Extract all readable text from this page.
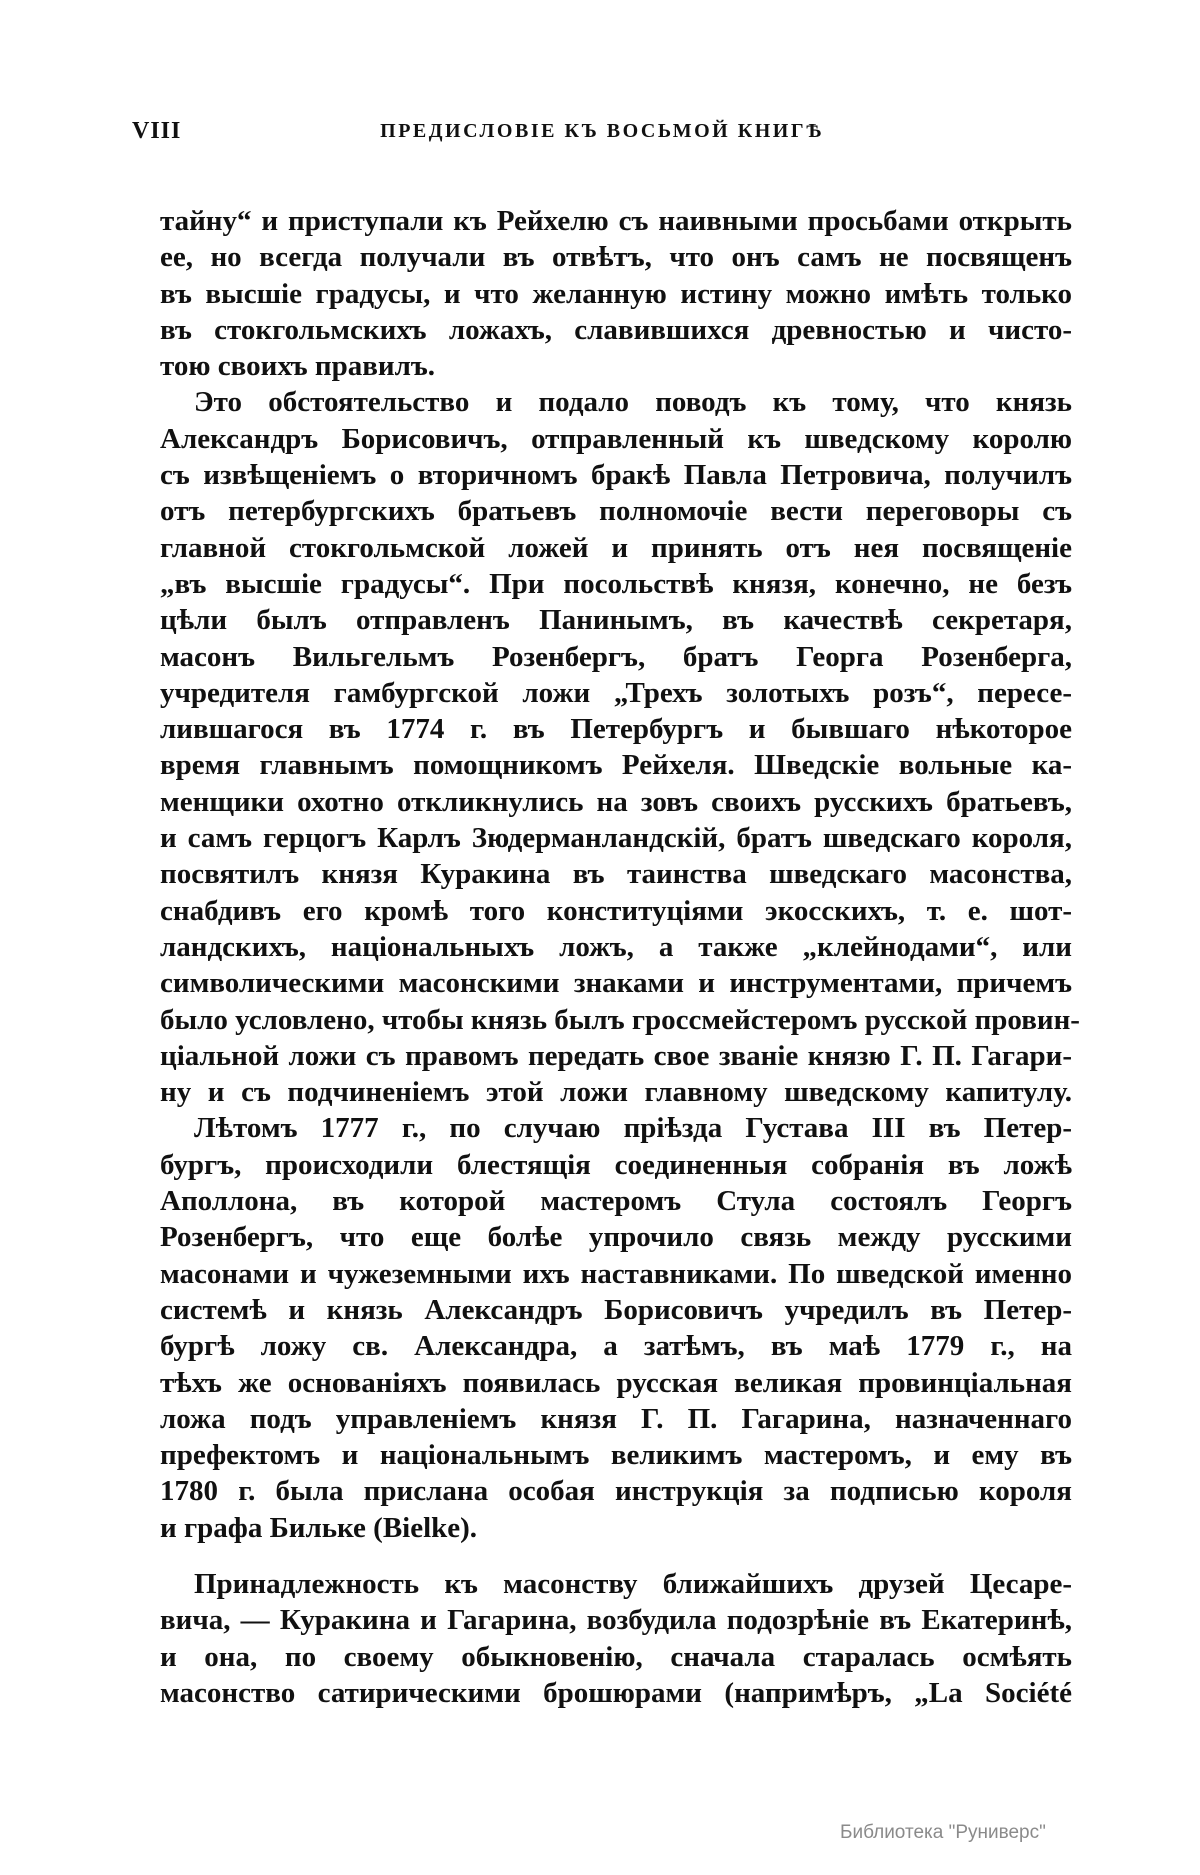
VIII	ПРЕДИСЛОВІЕ КЪ ВОСЬМОЙ КНИГѢ
тайну“ и приступали къ Рейхелю съ наивными просьбами открыть
ее, но всегда получали въ отвѣтъ, что онъ самъ не посвященъ
въ высшіе градусы, и что желанную истину можно имѣть только
въ стокгольмскихъ ложахъ, славившихся древностью и чисто-
тою своихъ правилъ.
Это обстоятельство и подало поводъ къ тому, что князь
Александръ Борисовичъ, отправленный къ шведскому королю
съ извѣщеніемъ о вторичномъ бракѣ Павла Петровича, получилъ
отъ петербургскихъ братьевъ полномочіе вести переговоры съ
главной стокгольмской ложей и принять отъ нея посвященіе
„въ высшіе градусы“. При посольствѣ князя, конечно, не безъ
цѣли былъ отправленъ Панинымъ, въ качествѣ секретаря,
масонъ Вильгельмъ Розенбергъ, братъ Георга Розенберга,
учредителя гамбургской ложи „Трехъ золотыхъ розъ“, пересе-
лившагося въ 1774 г. въ Петербургъ и бывшаго нѣкоторое
время главнымъ помощникомъ Рейхеля. Шведскіе вольные ка-
менщики охотно откликнулись на зовъ своихъ русскихъ братьевъ,
и самъ герцогъ Карлъ Зюдерманландскій, братъ шведскаго короля,
посвятилъ князя Куракина въ таинства шведскаго масонства,
снабдивъ его кромѣ того конституціями экосскихъ, т. е. шот-
ландскихъ, національныхъ ложъ, а также „клейнодами“, или
символическими масонскими знаками и инструментами, причемъ
было условлено, чтобы князь былъ гроссмейстеромъ русской провин-
ціальной ложи съ правомъ передать свое званіе князю Г. П. Гагари-
ну и съ подчиненіемъ этой ложи главному шведскому капитулу.
Лѣтомъ 1777 г., по случаю пріѣзда Густава III въ Петер-
бургъ, происходили блестящія соединенныя собранія въ ложѣ
Аполлона, въ которой мастеромъ Стула состоялъ Георгъ
Розенбергъ, что еще болѣе упрочило связь между русскими
масонами и чужеземными ихъ наставниками. По шведской именно
системѣ и князь Александръ Борисовичъ учредилъ въ Петер-
бургѣ ложу св. Александра, а затѣмъ, въ маѣ 1779 г., на
тѣхъ же основаніяхъ появилась русская великая провинціальная
ложа подъ управленіемъ князя Г. П. Гагарина, назначеннаго
префектомъ и національнымъ великимъ мастеромъ, и ему въ
1780 г. была прислана особая инструкція за подписью короля
и графа Бильке (Bielke).
Принадлежность къ масонству ближайшихъ друзей Цесаре-
вича, — Куракина и Гагарина, возбудила подозрѣніе въ Екатеринѣ,
и она, по своему обыкновенію, сначала старалась осмѣять
масонство сатирическими брошюрами (напримѣръ, „La Société
Библиотека "Руниверс"
